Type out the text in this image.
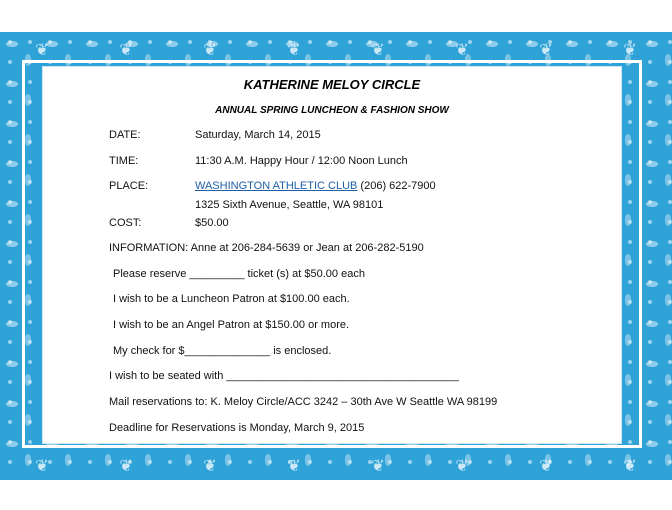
❦	❦	❦	❦	❦	❦	❦	❦
❦	❦	❦	❦	❦	❦	❦	❦
KATHERINE MELOY CIRCLE
ANNUAL SPRING LUNCHEON & FASHION SHOW
DATE:	Saturday, March 14, 2015
TIME:	11:30 A.M. Happy Hour / 12:00 Noon Lunch
PLACE:	WASHINGTON ATHLETIC CLUB (206) 622-7900
1325 Sixth Avenue, Seattle, WA 98101
COST:	$50.00
INFORMATION: Anne at 206-284-5639 or Jean at 206-282-5190
Please reserve _________ ticket (s) at $50.00 each
I wish to be a Luncheon Patron at $100.00 each.
I wish to be an Angel Patron at $150.00 or more.
My check for $______________ is enclosed.
I wish to be seated with ______________________________________
Mail reservations to: K. Meloy Circle/ACC 3242 – 30th Ave W Seattle WA 98199
Deadline for Reservations is Monday, March 9, 2015
